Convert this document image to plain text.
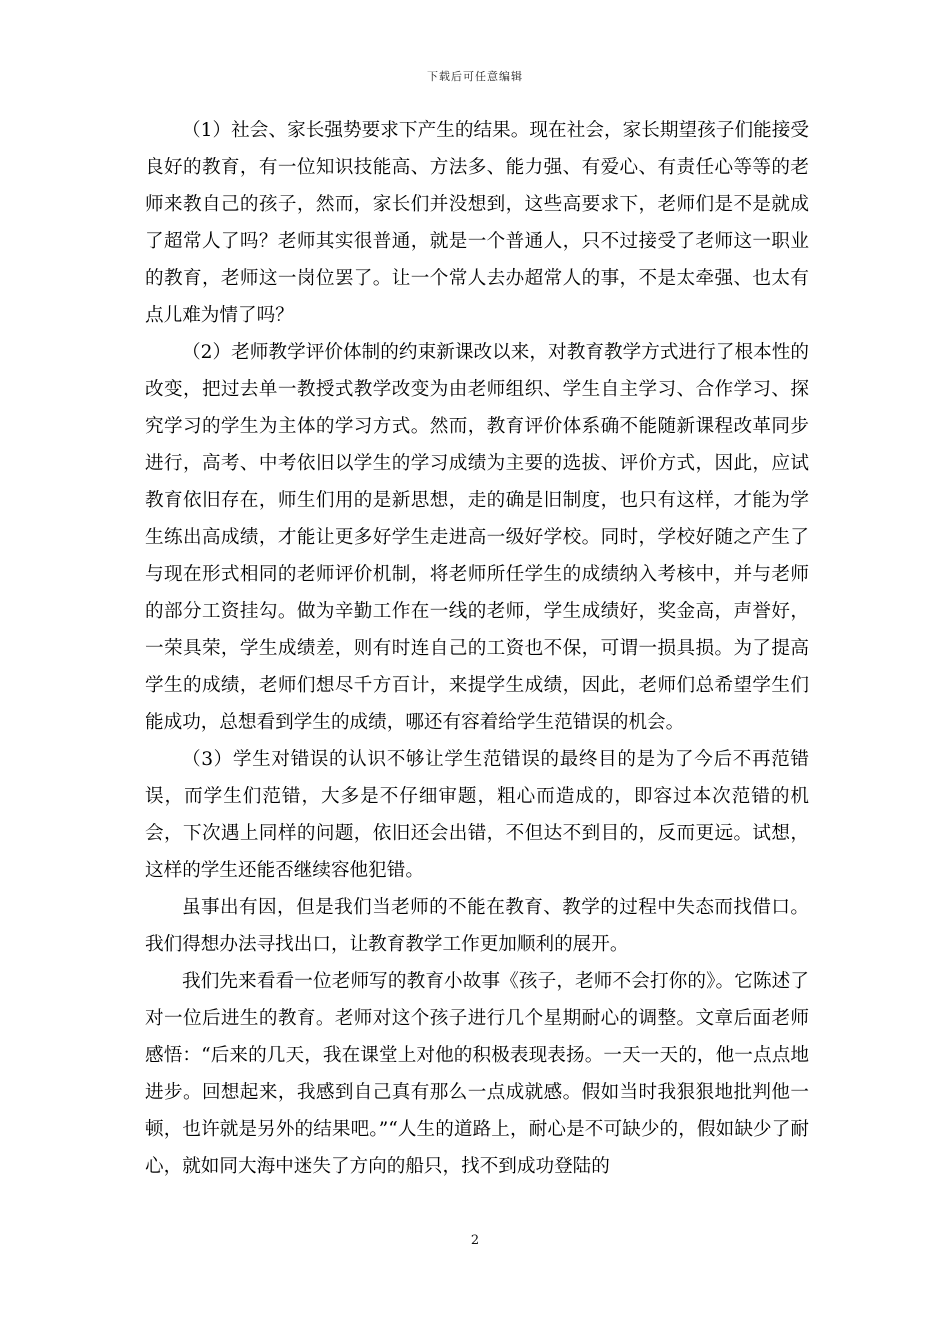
下载后可任意编辑

（1）社会、家长强势要求下产生的结果。现在社会，家长期望孩子们能接受良好的教育，有一位知识技能高、方法多、能力强、有爱心、有责任心等等的老师来教自己的孩子，然而，家长们并没想到，这些高要求下，老师们是不是就成了超常人了吗？老师其实很普通，就是一个普通人，只不过接受了老师这一职业的教育，老师这一岗位罢了。让一个常人去办超常人的事，不是太牵强、也太有点儿难为情了吗？

（2）老师教学评价体制的约束新课改以来，对教育教学方式进行了根本性的改变，把过去单一教授式教学改变为由老师组织、学生自主学习、合作学习、探究学习的学生为主体的学习方式。然而，教育评价体系确不能随新课程改革同步进行，高考、中考依旧以学生的学习成绩为主要的选拔、评价方式，因此，应试教育依旧存在，师生们用的是新思想，走的确是旧制度，也只有这样，才能为学生练出高成绩，才能让更多好学生走进高一级好学校。同时，学校好随之产生了与现在形式相同的老师评价机制，将老师所任学生的成绩纳入考核中，并与老师的部分工资挂勾。做为辛勤工作在一线的老师，学生成绩好，奖金高，声誉好，一荣具荣，学生成绩差，则有时连自己的工资也不保，可谓一损具损。为了提高学生的成绩，老师们想尽千方百计，来提学生成绩，因此，老师们总希望学生们能成功，总想看到学生的成绩，哪还有容着给学生范错误的机会。

（3）学生对错误的认识不够让学生范错误的最终目的是为了今后不再范错误，而学生们范错，大多是不仔细审题，粗心而造成的，即容过本次范错的机会，下次遇上同样的问题，依旧还会出错，不但达不到目的，反而更远。试想，这样的学生还能否继续容他犯错。

虽事出有因，但是我们当老师的不能在教育、教学的过程中失态而找借口。我们得想办法寻找出口，让教育教学工作更加顺利的展开。

我们先来看看一位老师写的教育小故事《孩子，老师不会打你的》。它陈述了对一位后进生的教育。老师对这个孩子进行几个星期耐心的调整。文章后面老师感悟：“后来的几天，我在课堂上对他的积极表现表扬。一天一天的，他一点点地进步。回想起来，我感到自己真有那么一点成就感。假如当时我狠狠地批判他一顿，也许就是另外的结果吧。”“人生的道路上，耐心是不可缺少的，假如缺少了耐心，就如同大海中迷失了方向的船只，找不到成功登陆的

2
